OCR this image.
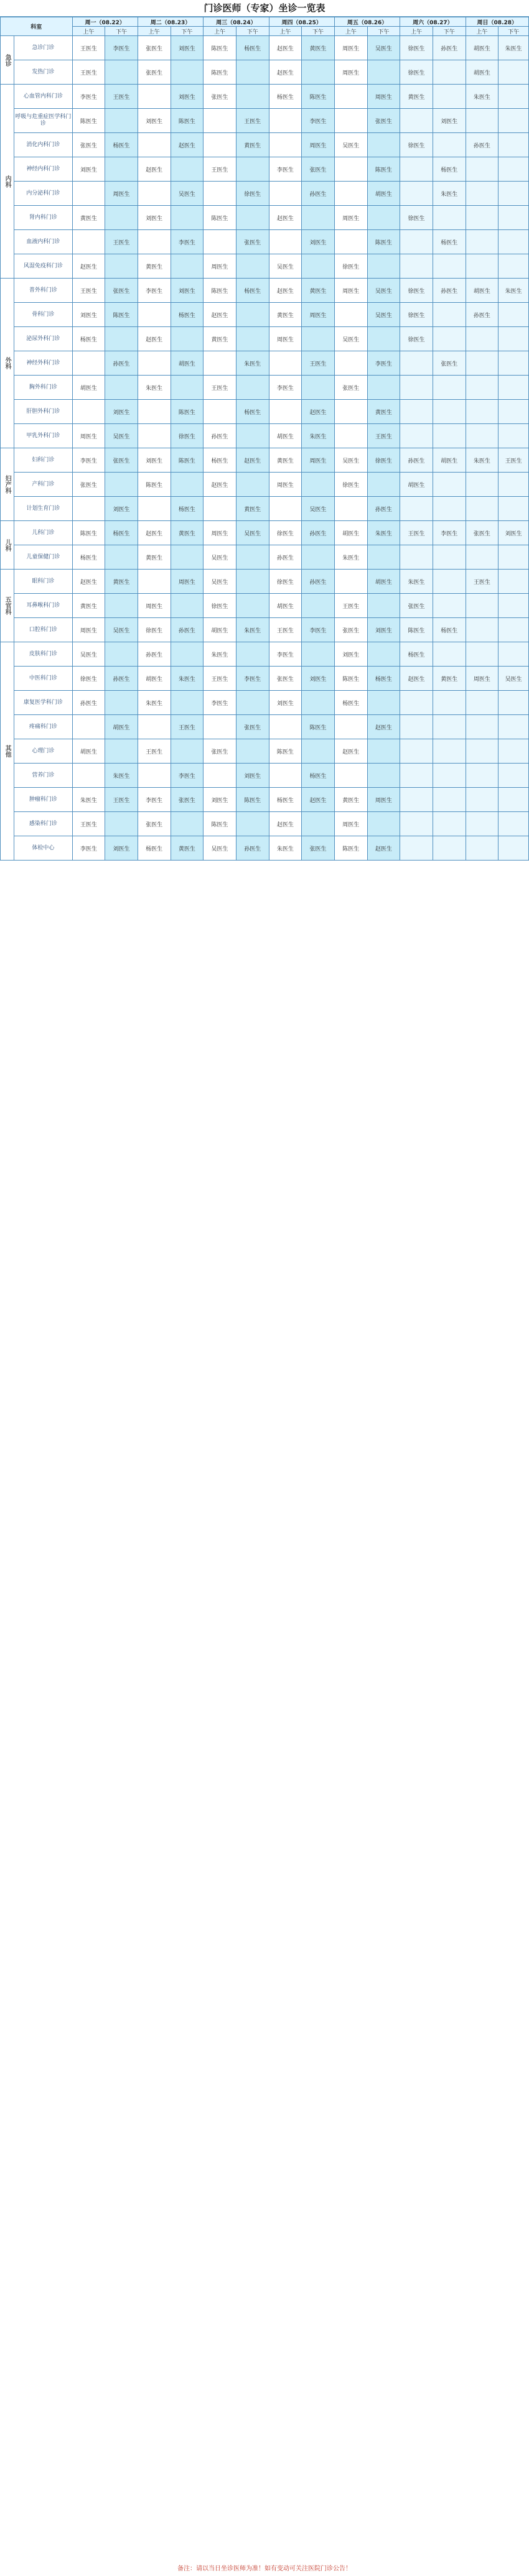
门诊医师（专家）坐诊一览表
科室		周一（08.22）		周二（08.23）		周三（08.24）		周四（08.25）		周五（08.26）		周六（08.27）		周日（08.28）	
		上午	下午	上午	下午	上午	下午	上午	下午	上午	下午	上午	下午	上午	下午
急诊	急诊门诊	王医生	李医生	张医生	刘医生	陈医生	杨医生	赵医生	黄医生	周医生	吴医生	徐医生	孙医生	胡医生	朱医生
	发热门诊	王医生		张医生		陈医生		赵医生		周医生		徐医生		胡医生	
内科	心血管内科门诊	李医生	王医生		刘医生	张医生		杨医生	陈医生		周医生	黄医生		朱医生	
	呼吸与危重症医学科门诊	陈医生		刘医生	陈医生		王医生		李医生		张医生		刘医生		
	消化内科门诊	张医生	杨医生		赵医生		黄医生		周医生	吴医生		徐医生		孙医生	
	神经内科门诊	刘医生		赵医生		王医生		李医生	张医生		陈医生		杨医生		
	内分泌科门诊		周医生		吴医生		徐医生		孙医生		胡医生		朱医生		
	肾内科门诊	黄医生		刘医生		陈医生		赵医生		周医生		徐医生			
	血液内科门诊		王医生		李医生		张医生		刘医生		陈医生		杨医生		
	风湿免疫科门诊	赵医生		黄医生		周医生		吴医生		徐医生					
外科	普外科门诊	王医生	张医生	李医生	刘医生	陈医生	杨医生	赵医生	黄医生	周医生	吴医生	徐医生	孙医生	胡医生	朱医生
	骨科门诊	刘医生	陈医生		杨医生	赵医生		黄医生	周医生		吴医生	徐医生		孙医生	
	泌尿外科门诊	杨医生		赵医生		黄医生		周医生		吴医生		徐医生			
	神经外科门诊		孙医生		胡医生		朱医生		王医生		李医生		张医生		
	胸外科门诊	胡医生		朱医生		王医生		李医生		张医生					
	肝胆外科门诊		刘医生		陈医生		杨医生		赵医生		黄医生				
	甲乳外科门诊	周医生	吴医生		徐医生	孙医生		胡医生	朱医生		王医生				
妇产科	妇科门诊	李医生	张医生	刘医生	陈医生	杨医生	赵医生	黄医生	周医生	吴医生	徐医生	孙医生	胡医生	朱医生	王医生
	产科门诊	张医生		陈医生		赵医生		周医生		徐医生		胡医生			
	计划生育门诊		刘医生		杨医生		黄医生		吴医生		孙医生				
儿科	儿科门诊	陈医生	杨医生	赵医生	黄医生	周医生	吴医生	徐医生	孙医生	胡医生	朱医生	王医生	李医生	张医生	刘医生
	儿童保健门诊	杨医生		黄医生		吴医生		孙医生		朱医生					
五官科	眼科门诊	赵医生	黄医生		周医生	吴医生		徐医生	孙医生		胡医生	朱医生		王医生	
	耳鼻喉科门诊	黄医生		周医生		徐医生		胡医生		王医生		张医生			
	口腔科门诊	周医生	吴医生	徐医生	孙医生	胡医生	朱医生	王医生	李医生	张医生	刘医生	陈医生	杨医生		
其他	皮肤科门诊	吴医生		孙医生		朱医生		李医生		刘医生		杨医生			
	中医科门诊	徐医生	孙医生	胡医生	朱医生	王医生	李医生	张医生	刘医生	陈医生	杨医生	赵医生	黄医生	周医生	吴医生
	康复医学科门诊	孙医生		朱医生		李医生		刘医生		杨医生					
	疼痛科门诊		胡医生		王医生		张医生		陈医生		赵医生				
	心理门诊	胡医生		王医生		张医生		陈医生		赵医生					
	营养门诊		朱医生		李医生		刘医生		杨医生						
	肿瘤科门诊	朱医生	王医生	李医生	张医生	刘医生	陈医生	杨医生	赵医生	黄医生	周医生				
	感染科门诊	王医生		张医生		陈医生		赵医生		周医生					
	体检中心	李医生	刘医生	杨医生	黄医生	吴医生	孙医生	朱医生	张医生	陈医生	赵医生				
备注：请以当日坐诊医师为准！如有变动可关注医院门诊公告！
